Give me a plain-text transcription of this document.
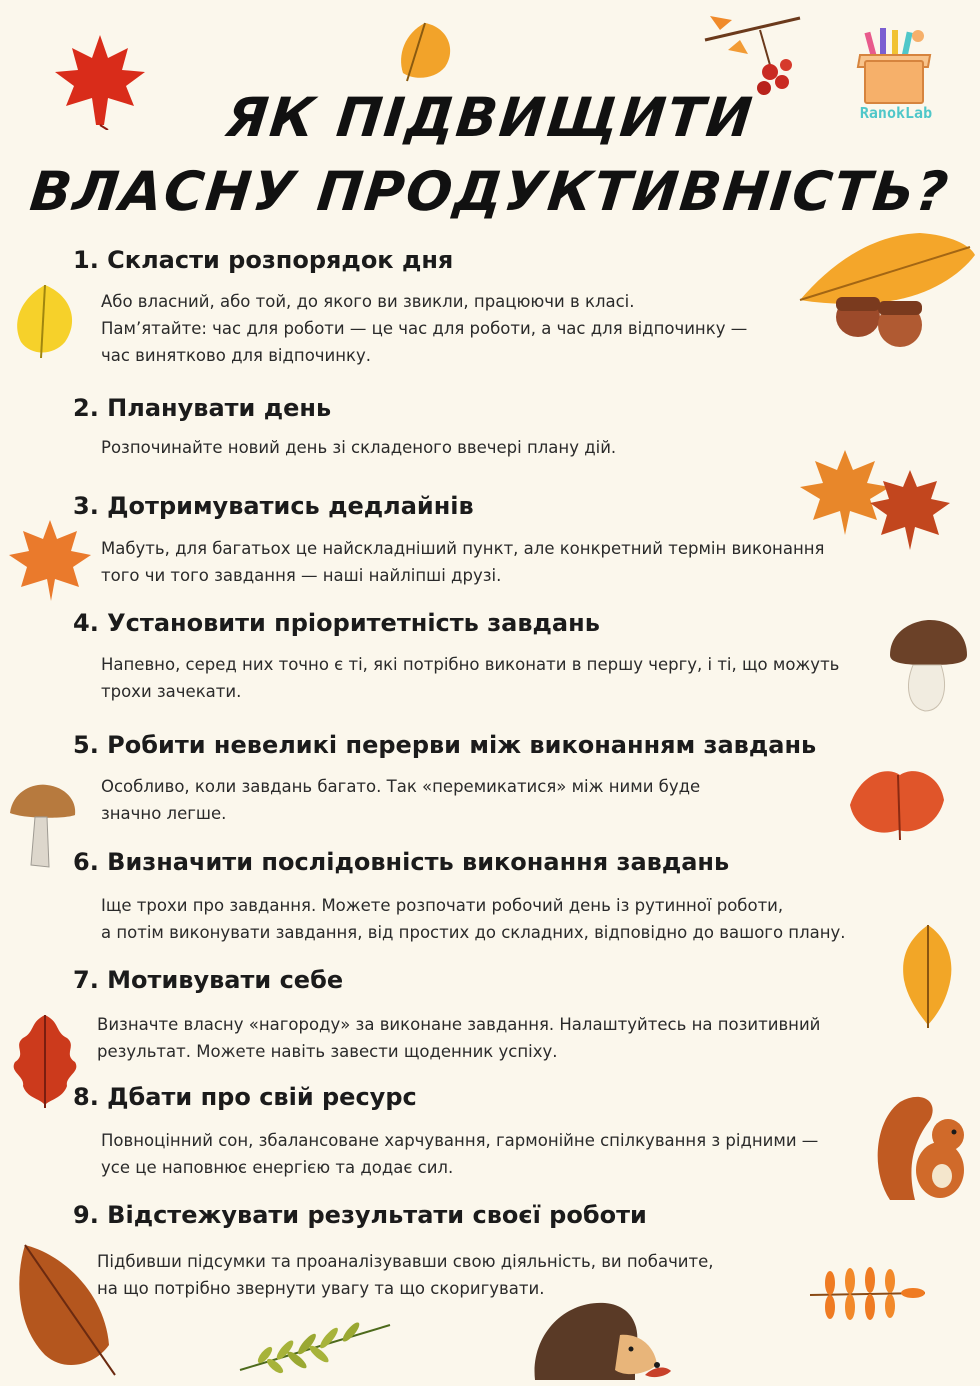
ЯК ПІДВИЩИТИ
ВЛАСНУ ПРОДУКТИВНІСТЬ?
RanokLab
1. Скласти розпорядок дня
Або власний, або той, до якого ви звикли, працюючи в класі.
Пам’ятайте: час для роботи — це час для роботи, а час для відпочинку —
час винятково для відпочинку.
2. Планувати день
Розпочинайте новий день зі складеного ввечері плану дій.
3. Дотримуватись дедлайнів
Мабуть, для багатьох це найскладніший пункт, але конкретний термін виконання
того чи того завдання — наші найліпші друзі.
4. Установити пріоритетність завдань
Напевно, серед них точно є ті, які потрібно виконати в першу чергу, і ті, що можуть
трохи зачекати.
5. Робити невеликі перерви між виконанням завдань
Особливо, коли завдань багато. Так «перемикатися» між ними буде
значно легше.
6. Визначити послідовність виконання завдань
Іще трохи про завдання. Можете розпочати робочий день із рутинної роботи,
а потім виконувати завдання, від простих до складних, відповідно до вашого плану.
7. Мотивувати себе
Визначте власну «нагороду» за виконане завдання. Налаштуйтесь на позитивний
результат. Можете навіть завести щоденник успіху.
8. Дбати про свій ресурс
Повноцінний сон, збалансоване харчування, гармонійне спілкування з рідними —
усе це наповнює енергією та додає сил.
9. Відстежувати результати своєї роботи
Підбивши підсумки та проаналізувавши свою діяльність, ви побачите,
на що потрібно звернути увагу та що скоригувати.
